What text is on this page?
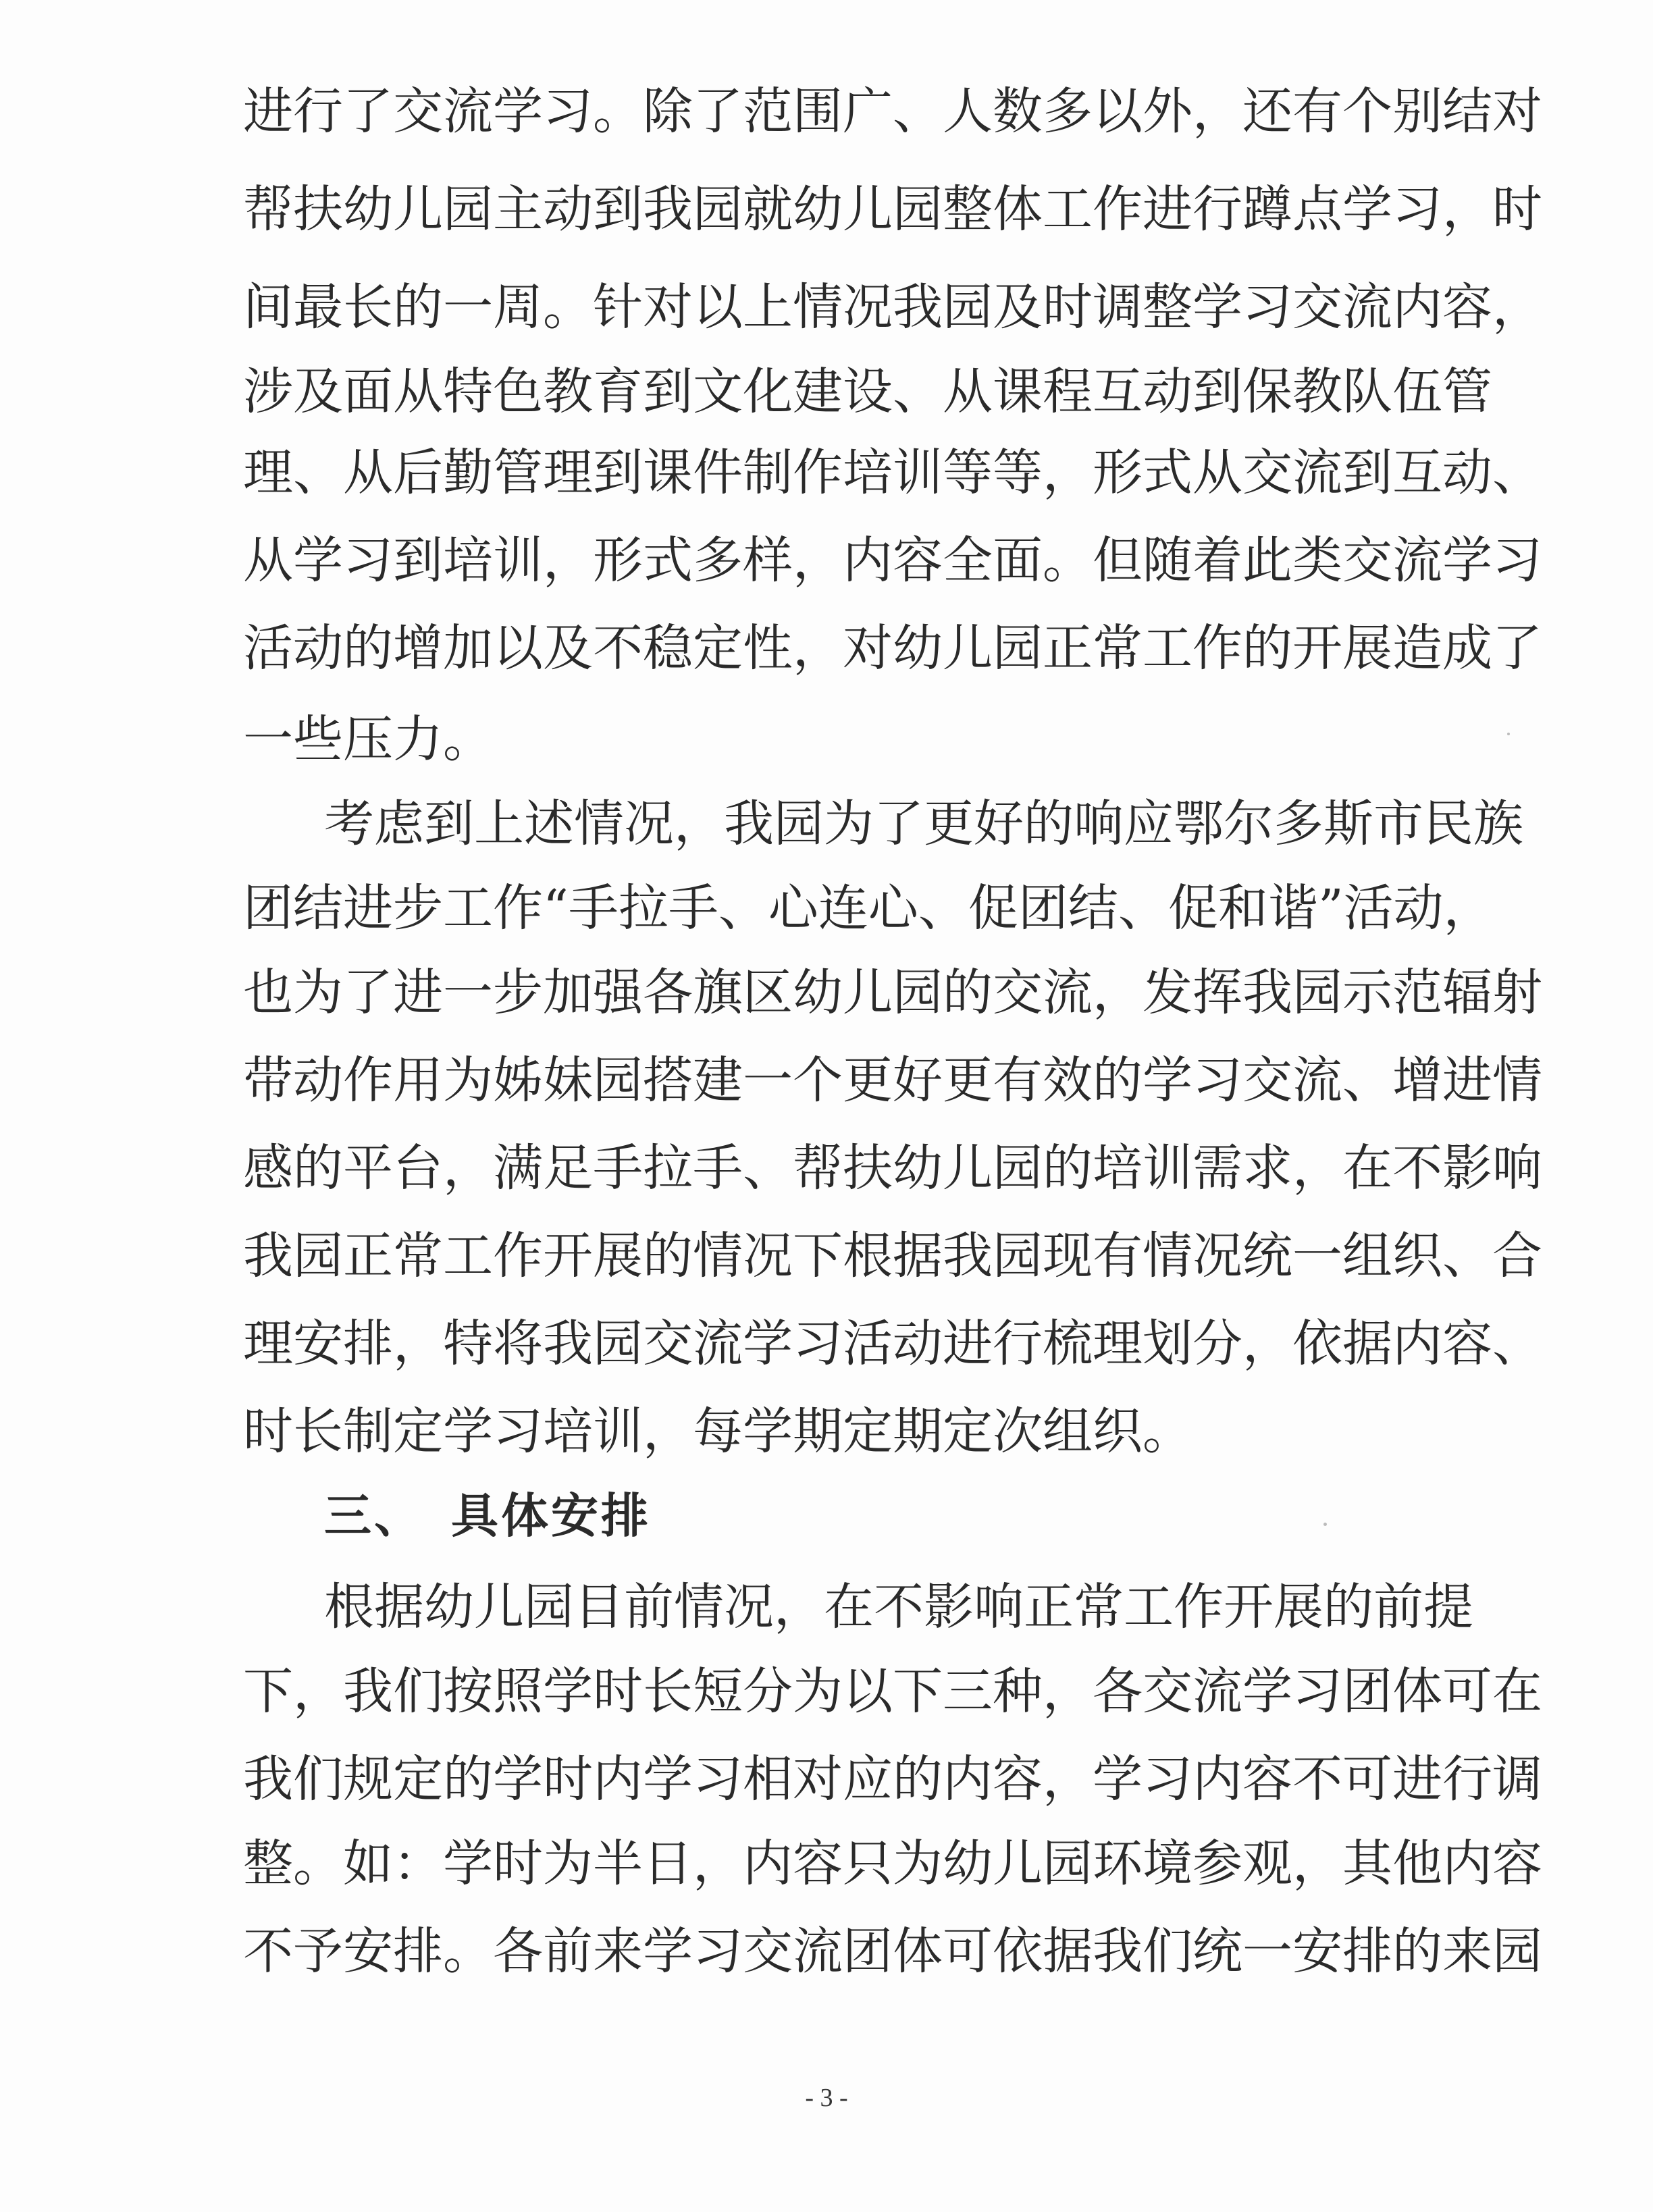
进行了交流学习。除了范围广、人数多以外，还有个别结对
帮扶幼儿园主动到我园就幼儿园整体工作进行蹲点学习，时
间最长的一周。针对以上情况我园及时调整学习交流内容，
涉及面从特色教育到文化建设、从课程互动到保教队伍管
理、从后勤管理到课件制作培训等等，形式从交流到互动、
从学习到培训，形式多样，内容全面。但随着此类交流学习
活动的增加以及不稳定性，对幼儿园正常工作的开展造成了
一些压力。
考虑到上述情况，我园为了更好的响应鄂尔多斯市民族
团结进步工作“手拉手、心连心、促团结、促和谐”活动，
也为了进一步加强各旗区幼儿园的交流，发挥我园示范辐射
带动作用为姊妹园搭建一个更好更有效的学习交流、增进情
感的平台，满足手拉手、帮扶幼儿园的培训需求，在不影响
我园正常工作开展的情况下根据我园现有情况统一组织、合
理安排，特将我园交流学习活动进行梳理划分，依据内容、
时长制定学习培训，每学期定期定次组织。
三、 具体安排
根据幼儿园目前情况，在不影响正常工作开展的前提
下，我们按照学时长短分为以下三种，各交流学习团体可在
我们规定的学时内学习相对应的内容，学习内容不可进行调
整。如：学时为半日，内容只为幼儿园环境参观，其他内容
不予安排。各前来学习交流团体可依据我们统一安排的来园
- 3 -
